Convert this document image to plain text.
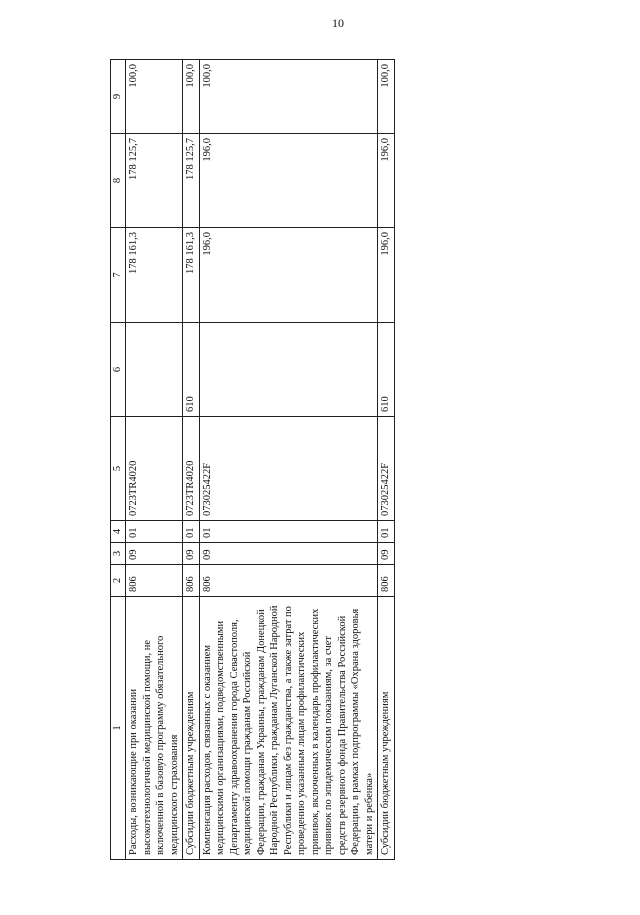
10
1	2	3	4	5	6	7	8	9
Расходы, возникающие при оказании высокотехнологичной медицинской помощи, не включенной в базовую программу обязательного медицинского страхования	806	09	01	0723TR4020		178 161,3	178 125,7	100,0
Субсидии бюджетным учреждениям	806	09	01	0723TR4020	610	178 161,3	178 125,7	100,0
Компенсация расходов, связанных с оказанием медицинскими организациями, подведомственными Департаменту здравоохранения города Севастополя, медицинской помощи гражданам Российской Федерации, гражданам Украины, гражданам Донецкой Народной Республики, гражданам Луганской Народной Республики и лицам без гражданства, а также затрат по проведению указанным лицам профилактических прививок, включенных в календарь профилактических прививок по эпидемическим показаниям, за счет средств резервного фонда Правительства Российской Федерации, в рамках подпрограммы «Охрана здоровья матери и ребенка»	806	09	01	073025422F		196,0	196,0	100,0
Субсидии бюджетным учреждениям	806	09	01	073025422F	610	196,0	196,0	100,0
